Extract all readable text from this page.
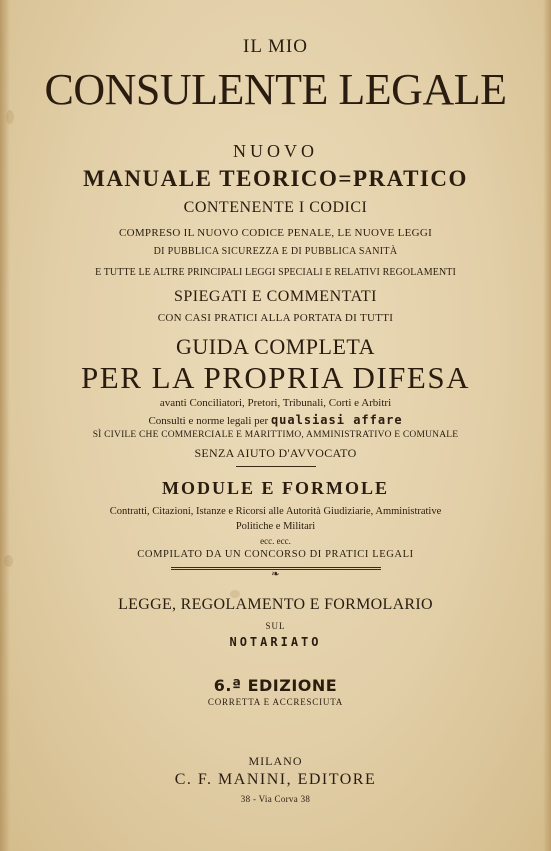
IL MIO
CONSULENTE LEGALE
NUOVO
MANUALE TEORICO=PRATICO
CONTENENTE I CODICI
COMPRESO IL NUOVO CODICE PENALE, LE NUOVE LEGGI
DI PUBBLICA SICUREZZA E DI PUBBLICA SANITÀ
E TUTTE LE ALTRE PRINCIPALI LEGGI SPECIALI E RELATIVI REGOLAMENTI
SPIEGATI E COMMENTATI
CON CASI PRATICI ALLA PORTATA DI TUTTI
GUIDA COMPLETA
PER LA PROPRIA DIFESA
avanti Conciliatori, Pretori, Tribunali, Corti e Arbitri
Consulti e norme legali per qualsiasi affare
SÌ CIVILE CHE COMMERCIALE E MARITTIMO, AMMINISTRATIVO E COMUNALE
SENZA AIUTO D'AVVOCATO
MODULE E FORMOLE
Contratti, Citazioni, Istanze e Ricorsi alle Autorità Giudiziarie, Amministrative
Politiche e Militari
ecc. ecc.
COMPILATO DA UN CONCORSO DI PRATICI LEGALI
❧
LEGGE, REGOLAMENTO E FORMOLARIO
SUL
NOTARIATO
6.ª EDIZIONE
CORRETTA E ACCRESCIUTA
MILANO
C. F. MANINI, EDITORE
38 - Via Corva 38
